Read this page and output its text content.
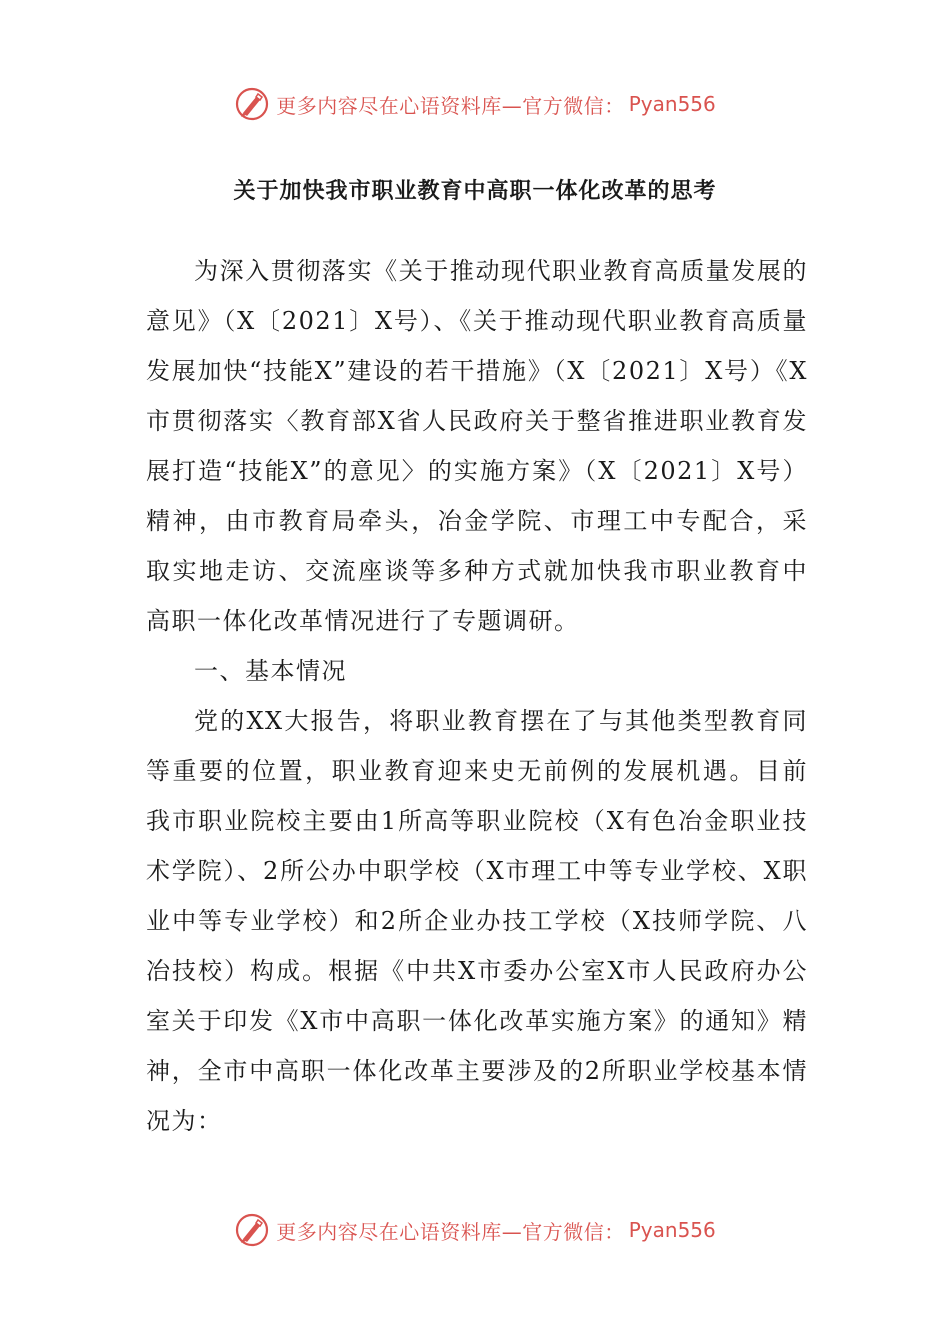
更多内容尽在心语资料库—官方微信： Pyan556
关于加快我市职业教育中高职一体化改革的思考

为深入贯彻落实《关于推动现代职业教育高质量发展的意见》（X〔2021〕X号）、《关于推动现代职业教育高质量发展加快“技能X”建设的若干措施》（X〔2021〕X号）《X市贯彻落实〈教育部X省人民政府关于整省推进职业教育发展打造“技能X”的意见〉的实施方案》（X〔2021〕X号）精神，由市教育局牵头，冶金学院、市理工中专配合，采取实地走访、交流座谈等多种方式就加快我市职业教育中高职一体化改革情况进行了专题调研。

一、基本情况

党的XX大报告，将职业教育摆在了与其他类型教育同等重要的位置，职业教育迎来史无前例的发展机遇。目前我市职业院校主要由1所高等职业院校（X有色冶金职业技术学院）、2所公办中职学校（X市理工中等专业学校、X职业中等专业学校）和2所企业办技工学校（X技师学院、八冶技校）构成。根据《中共X市委办公室X市人民政府办公室关于印发《X市中高职一体化改革实施方案》的通知》精神，全市中高职一体化改革主要涉及的2所职业学校基本情况为：

更多内容尽在心语资料库—官方微信： Pyan556
